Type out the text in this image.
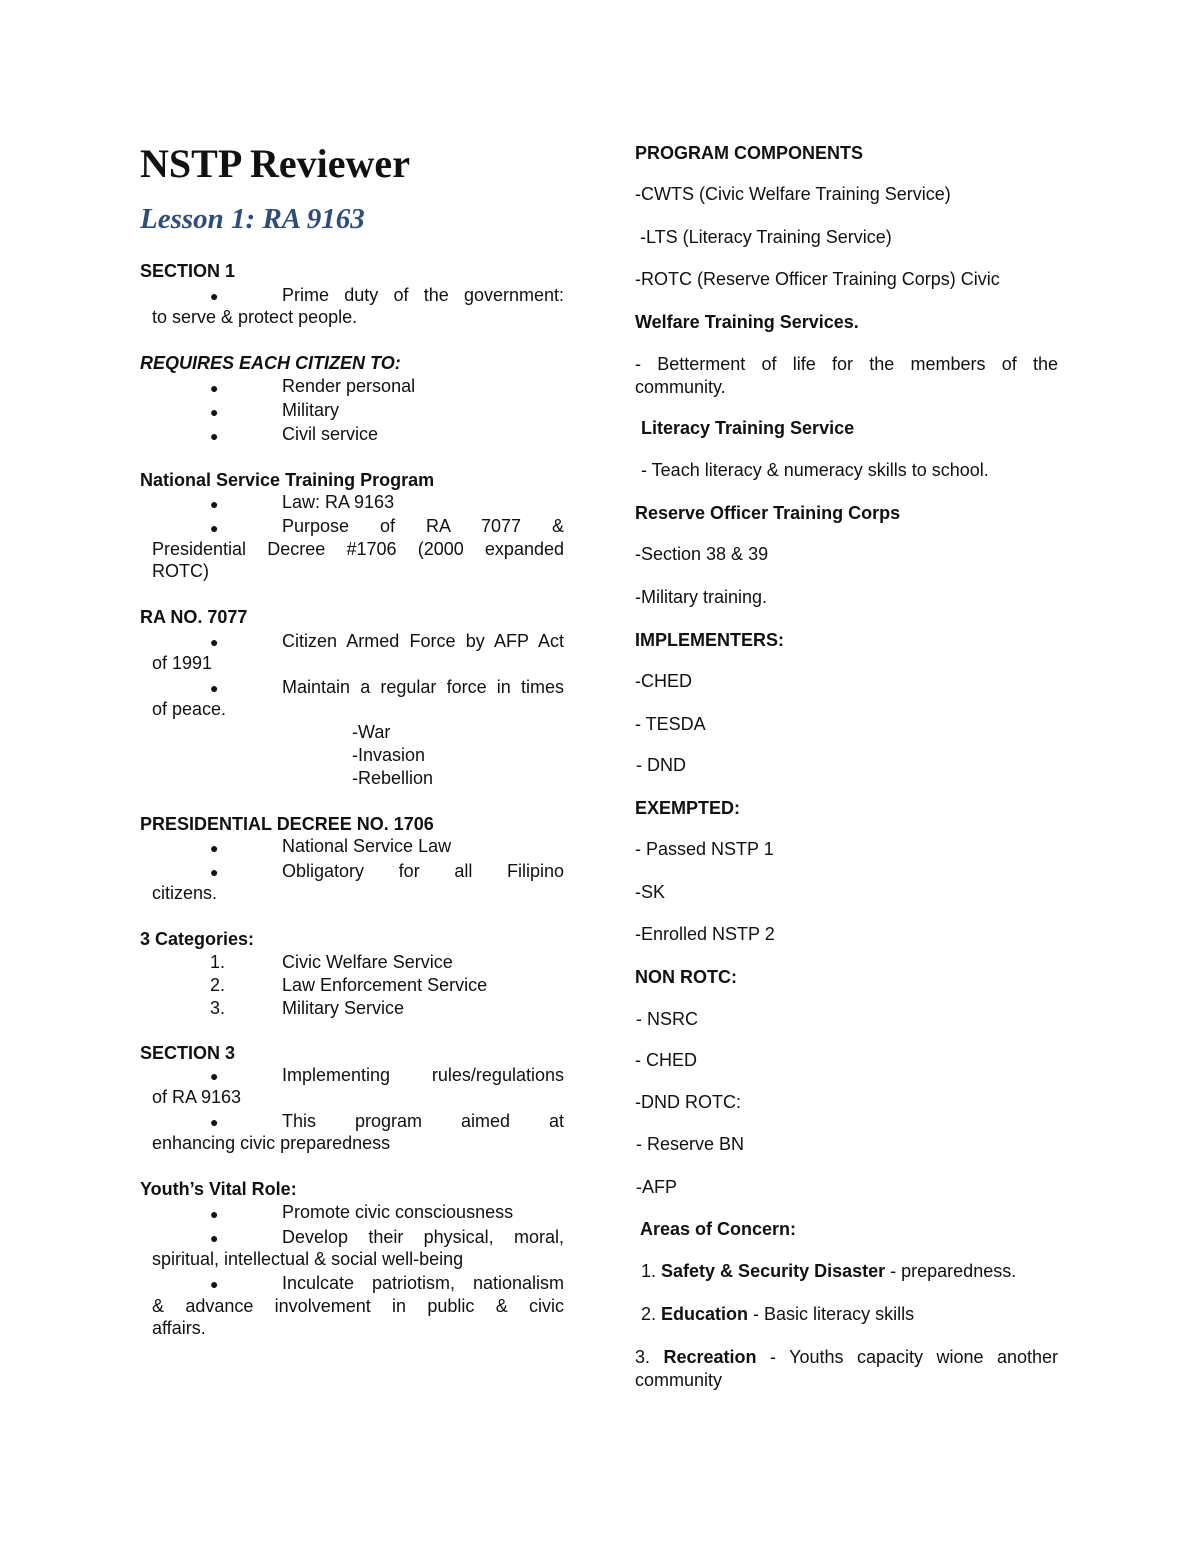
NSTP Reviewer
Lesson 1: RA 9163

SECTION 1

●	Prime duty of the government:

to serve & protect people.

REQUIRES EACH CITIZEN TO:

●	Render personal

●	Military

●	Civil service

National Service Training Program

●	Law: RA 9163

●	Purpose of RA 7077 &

Presidential Decree #1706 (2000 expanded

ROTC)

RA NO. 7077

●	Citizen Armed Force by AFP Act

of 1991

●	Maintain a regular force in times

of peace.

-War

-Invasion

-Rebellion

PRESIDENTIAL DECREE NO. 1706

●	National Service Law

●	Obligatory for all Filipino

citizens.

3 Categories:

1.	Civic Welfare Service

2.	Law Enforcement Service

3.	Military Service

SECTION 3

●	Implementing rules/regulations

of RA 9163

●	This program aimed at

enhancing civic preparedness

Youth’s Vital Role:

●	Promote civic consciousness

●	Develop their physical, moral,

spiritual, intellectual & social well-being

●	Inculcate patriotism, nationalism

& advance involvement in public & civic

affairs.

PROGRAM COMPONENTS

-CWTS (Civic Welfare Training Service)

-LTS (Literacy Training Service)

-ROTC (Reserve Officer Training Corps) Civic

Welfare Training Services.

- Betterment of life for the members of the community.

Literacy Training Service

- Teach literacy & numeracy skills to school.

Reserve Officer Training Corps

-Section 38 & 39

-Military training.

IMPLEMENTERS:

-CHED

- TESDA

- DND

EXEMPTED:

- Passed NSTP 1

-SK

-Enrolled NSTP 2

NON ROTC:

- NSRC

- CHED

-DND ROTC:

- Reserve BN

-AFP

Areas of Concern:

1. Safety & Security Disaster - preparedness.

2. Education - Basic literacy skills

3. Recreation - Youths capacity wione another community
